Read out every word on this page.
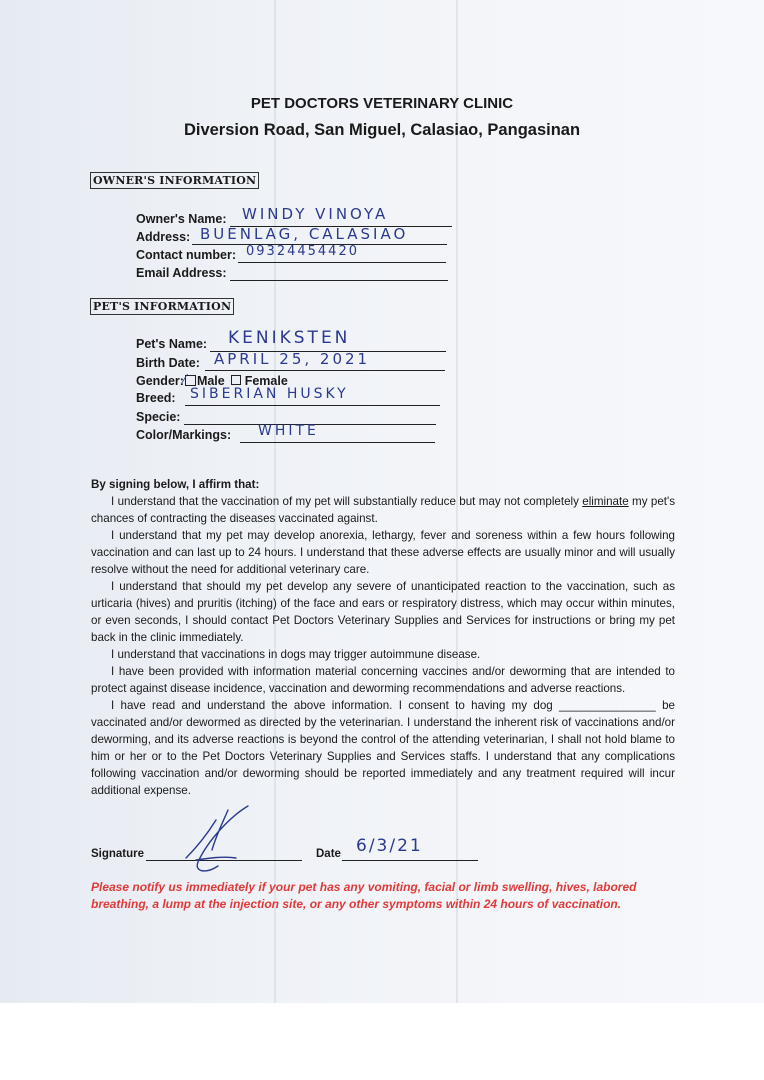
PET DOCTORS VETERINARY CLINIC
Diversion Road, San Miguel, Calasiao, Pangasinan
OWNER'S INFORMATION
Owner's Name: WINDY VINOYA
Address: BUENLAG, CALASIAO
Contact number: 09324454420
Email Address:
PET'S INFORMATION
Pet's Name: KENIKSTEN
Birth Date: APRIL 25, 2021
Gender: ⁄ Male Female
Breed: SIBERIAN HUSKY
Specie:
Color/Markings: WHITE

By signing below, I affirm that:

I understand that the vaccination of my pet will substantially reduce but may not completely eliminate my pet's chances of contracting the diseases vaccinated against.

I understand that my pet may develop anorexia, lethargy, fever and soreness within a few hours following vaccination and can last up to 24 hours. I understand that these adverse effects are usually minor and will usually resolve without the need for additional veterinary care.

I understand that should my pet develop any severe of unanticipated reaction to the vaccination, such as urticaria (hives) and pruritis (itching) of the face and ears or respiratory distress, which may occur within minutes, or even seconds, I should contact Pet Doctors Veterinary Supplies and Services for instructions or bring my pet back in the clinic immediately.

I understand that vaccinations in dogs may trigger autoimmune disease.

I have been provided with information material concerning vaccines and/or deworming that are intended to protect against disease incidence, vaccination and deworming recommendations and adverse reactions.

I have read and understand the above information. I consent to having my dog _______________ be vaccinated and/or dewormed as directed by the veterinarian. I understand the inherent risk of vaccinations and/or deworming, and its adverse reactions is beyond the control of the attending veterinarian, I shall not hold blame to him or her or to the Pet Doctors Veterinary Supplies and Services staffs. I understand that any complications following vaccination and/or deworming should be reported immediately and any treatment required will incur additional expense.

Signature	Date 6/3/21
Please notify us immediately if your pet has any vomiting, facial or limb swelling, hives, labored breathing, a lump at the injection site, or any other symptoms within 24 hours of vaccination.
